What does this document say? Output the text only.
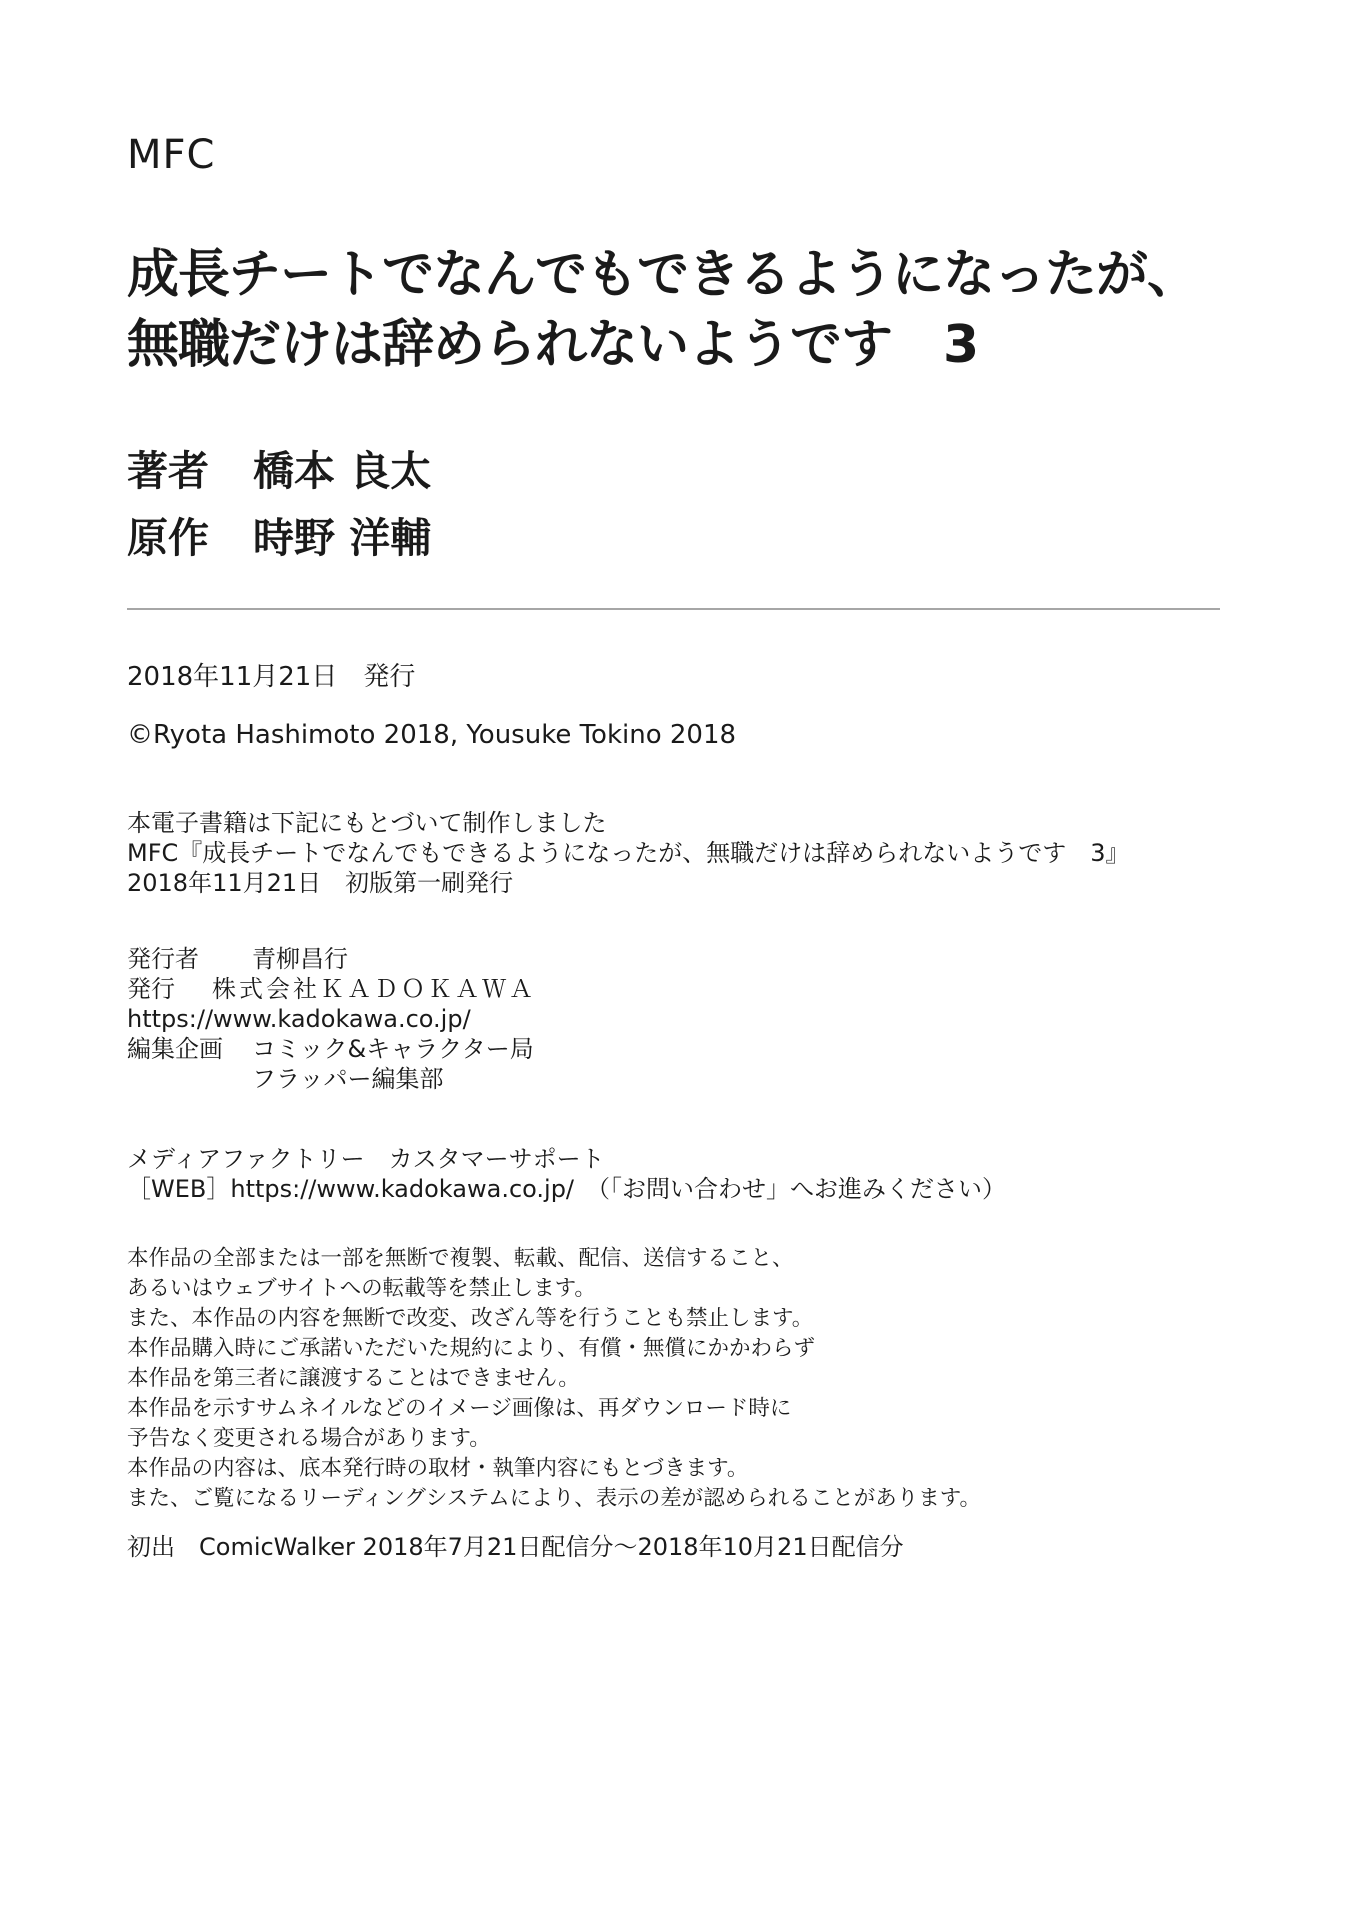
MFC
成長チートでなんでもできるようになったが、
無職だけは辞められないようです　3
著者 橋本 良太
原作 時野 洋輔
2018年11月21日　発行
©Ryota Hashimoto 2018, Yousuke Tokino 2018
本電子書籍は下記にもとづいて制作しました
MFC『成長チートでなんでもできるようになったが、無職だけは辞められないようです　3』
2018年11月21日　初版第一刷発行
発行者 青柳昌行
発行 株式会社ＫＡＤＯＫＡＷＡ
https://www.kadokawa.co.jp/
編集企画 コミック&キャラクター局
フラッパー編集部
メディアファクトリー　カスタマーサポート
［WEB］https://www.kadokawa.co.jp/　（「お問い合わせ」へお進みください）
本作品の全部または一部を無断で複製、転載、配信、送信すること、
あるいはウェブサイトへの転載等を禁止します。
また、本作品の内容を無断で改変、改ざん等を行うことも禁止します。
本作品購入時にご承諾いただいた規約により、有償・無償にかかわらず
本作品を第三者に譲渡することはできません。
本作品を示すサムネイルなどのイメージ画像は、再ダウンロード時に
予告なく変更される場合があります。
本作品の内容は、底本発行時の取材・執筆内容にもとづきます。
また、ご覧になるリーディングシステムにより、表示の差が認められることがあります。
初出　ComicWalker 2018年7月21日配信分～2018年10月21日配信分
